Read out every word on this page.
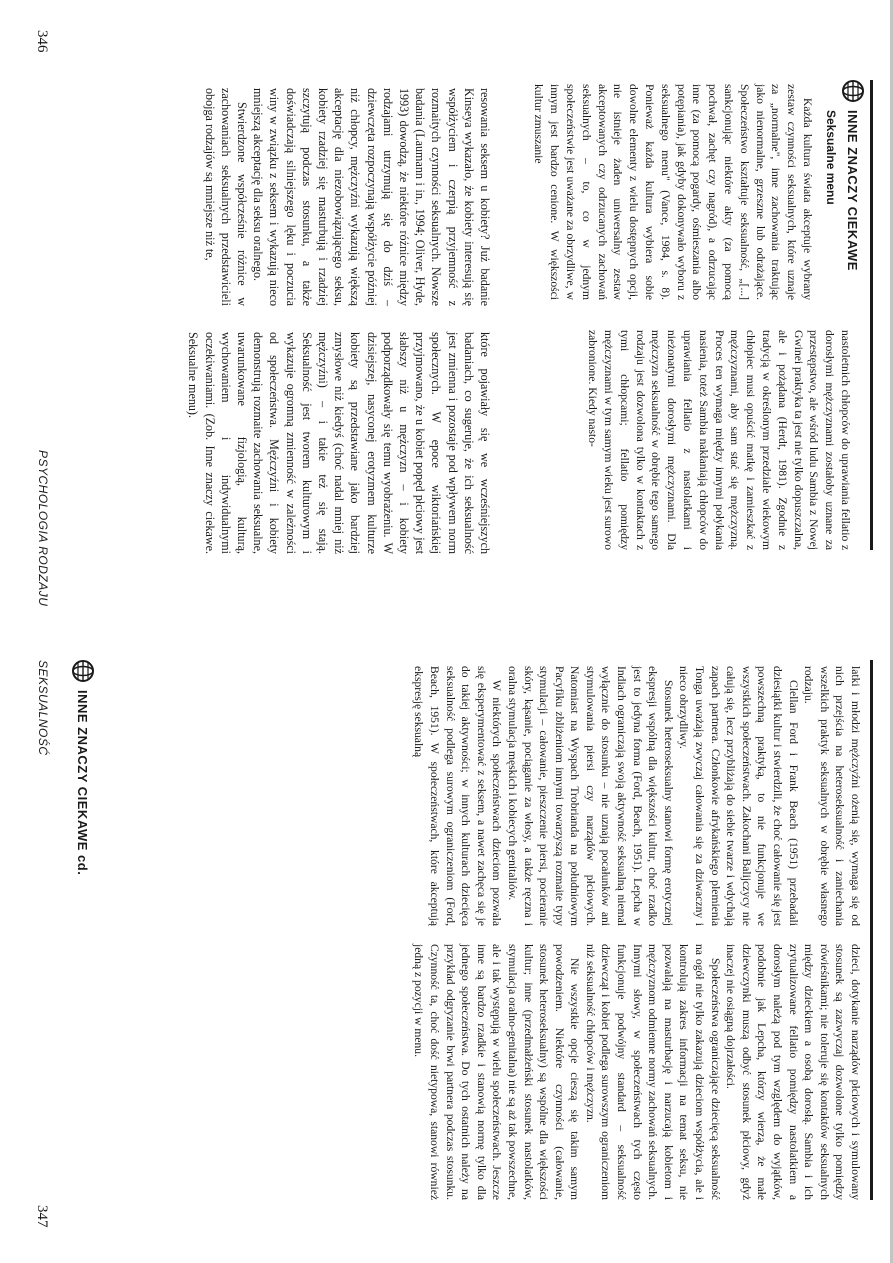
346
PSYCHOLOGIA RODZAJU

resowania seksem u kobiety? Już badanie Kinseya wykazało, że kobiety interesują się współżyciem i czerpią przyjemność z rozmaitych czynności seksualnych. Nowsze badania (Laumann i in., 1994; Oliver, Hyde, 1993) dowodzą, że niektóre różnice między rodzajami utrzymują się do dziś – dziewczęta rozpoczynają współżycie później niż chłopcy, mężczyźni wykazują większą akceptację dla niezobowiązującego seksu, kobiety rzadziej się masturbują i rzadziej szczytują podczas stosunku, a także doświadczają silniejszego lęku i poczucia winy w związku z seksem i wykazują nieco mniejszą akceptację dla seksu oralnego.

Stwierdzone współcześnie różnice w zachowaniach seksualnych przedstawicieli obojga rodzajów są mniejsze niż te,

które pojawiały się we wcześniejszych badaniach, co sugeruje, że ich seksualność jest zmienna i pozostaje pod wpływem norm społecznych. W epoce wiktoriańskiej przyjmowano, że u kobiet popęd płciowy jest słabszy niż u mężczyzn – i kobiety podporządkowały się temu wyobrażeniu. W dzisiejszej, nasyconej erotyzmem kulturze kobiety są przedstawiane jako bardziej zmysłowe niż kiedyś (choć nadal mniej niż mężczyźni) – i takie też się stają. Seksualność jest tworem kulturowym i wykazuje ogromną zmienność w zależności od społeczeństwa. Mężczyźni i kobiety demonstrują rozmaite zachowania seksualne, uwarunkowane fizjologią, kulturą, wychowaniem i indywidualnymi oczekiwaniami. (Zob. Inne znaczy ciekawe. Seksualne menu).

INNE ZNACZY CIEKAWE
Seksualne menu

Każda kultura świata akceptuje wybrany zestaw czynności seksualnych, które uznaje za „normalne", inne zachowania traktując jako nienormalne, grzeszne lub odrażające. Społeczeństwo kształtuje seksualność, „[...] sankcjonując niektóre akty (za pomocą pochwał, zachęt czy nagród), a odrzucając inne (za pomocą pogardy, ośmieszania albo potępiania), jak gdyby dokonywało wyboru z seksualnego menu" (Vance, 1984, s. 8). Ponieważ każda kultura wybiera sobie dowolne elementy z wielu dostępnych opcji, nie istnieje żaden uniwersalny zestaw akceptowanych czy odrzucanych zachowań seksualnych – to, co w jednym społeczeństwie jest uważane za obrzydliwe, w innym jest bardzo cenione. W większości kultur zmuszanie

nastoletnich chłopców do uprawiania fellatio z dorosłymi mężczyznami zostałoby uznane za przestępstwo, ale wśród ludu Sambia z Nowej Gwinei praktyka ta jest nie tylko dopuszczalna, ale i pożądana (Herdt, 1981). Zgodnie z tradycją w określonym przedziale wiekowym chłopiec musi opuścić matkę i zamieszkać z mężczyznami, aby sam stać się mężczyzną. Proces ten wymaga między innymi połykania nasienia, toteż Sambia nakłaniają chłopców do uprawiania fellatio z nastolatkami i nieżonatymi dorosłymi mężczyznami. Dla mężczyzn seksualność w obrębie tego samego rodzaju jest dozwolona tylko w kontaktach z tymi chłopcami; fellatio pomiędzy mężczyznami w tym samym wieku jest surowo zabronione. Kiedy nasto-

347
SEKSUALNOŚĆ INNE ZNACZY CIEKAWE cd.	latki i młodzi mężczyźni ożenią się, wymaga się od nich przejścia na heteroseksualność i zaniechania wszelkich praktyk seksualnych w obrębie własnego rodzaju.

Clellan Ford i Frank Beach (1951) przebadali dziesiątki kultur i stwierdzili, że choć całowanie się jest powszechną praktyką, to nie funkcjonuje we wszystkich społeczeństwach. Zakochani Balijczycy nie całują się, lecz przybliżają do siebie twarze i wdychają zapach partnera. Członkowie afrykańskiego plemienia Tonga uważają zwyczaj całowania się za dziwaczny i nieco obrzydliwy.

Stosunek heteroseksualny stanowi formę erotycznej ekspresji wspólną dla większości kultur, choć rzadko jest to jedyna forma (Ford, Beach, 1951). Lepcha w Indiach ograniczają swoją aktywność seksualną niemal wyłącznie do stosunku – nie uznają pocałunków ani stymulowania piersi czy narządów płciowych. Natomiast na Wyspach Trobrianda na południowym Pacyfiku zbliżeniom innymi towarzyszą rozmaite typy stymulacji – całowanie, pieszczenie piersi, pocieranie skóry, kąsanie, pociąganie za włosy, a także ręczna i oralna stymulacja męskich i kobiecych genitaliów.

W niektórych społeczeństwach dzieciom pozwala się eksperymentować z seksem, a nawet zachęca się je do takiej aktywności; w innych kulturach dziecięca seksualność podlega surowym ograniczeniom (Ford, Beach, 1951). W społeczeństwach, które akceptują ekspresję seksualną

dzieci, dotykanie narządów płciowych i symulowany stosunek są zazwyczaj dozwolone tylko pomiędzy rówieśnikami; nie toleruje się kontaktów seksualnych między dzieckiem a osobą dorosłą. Sambia i ich zrytualizowane fellatio pomiędzy nastolatkiem a dorosłym należą pod tym względem do wyjątków, podobnie jak Lepcha, którzy wierzą, że małe dziewczynki muszą odbyć stosunek płciowy, gdyż inaczej nie osiągną dojrzałości.

Społeczeństwa ograniczające dziecięcą seksualność na ogół nie tylko zakazują dzieciom współżycia, ale i kontrolują zakres informacji na temat seksu, nie pozwalają na masturbację i narzucają kobietom i mężczyznom odmienne normy zachowań seksualnych. Innymi słowy, w społeczeństwach tych często funkcjonuje podwójny standard – seksualność dziewcząt i kobiet podlega surowszym ograniczeniom niż seksualność chłopców i mężczyzn.

Nie wszystkie opcje cieszą się takim samym powodzeniem. Niektóre czynności (całowanie, stosunek heteroseksualny) są wspólne dla większości kultur; inne (przedmałżeński stosunek nastolatków, stymulacja oralno-genitalna) nie są aż tak powszechne, ale i tak występują w wielu społeczeństwach. Jeszcze inne są bardzo rzadkie i stanowią normę tylko dla jednego społeczeństwa. Do tych ostatnich należy na przykład odgryzanie brwi partnera podczas stosunku. Czynność ta, choć dość nietypowa, stanowi również jedną z pozycji w menu.
